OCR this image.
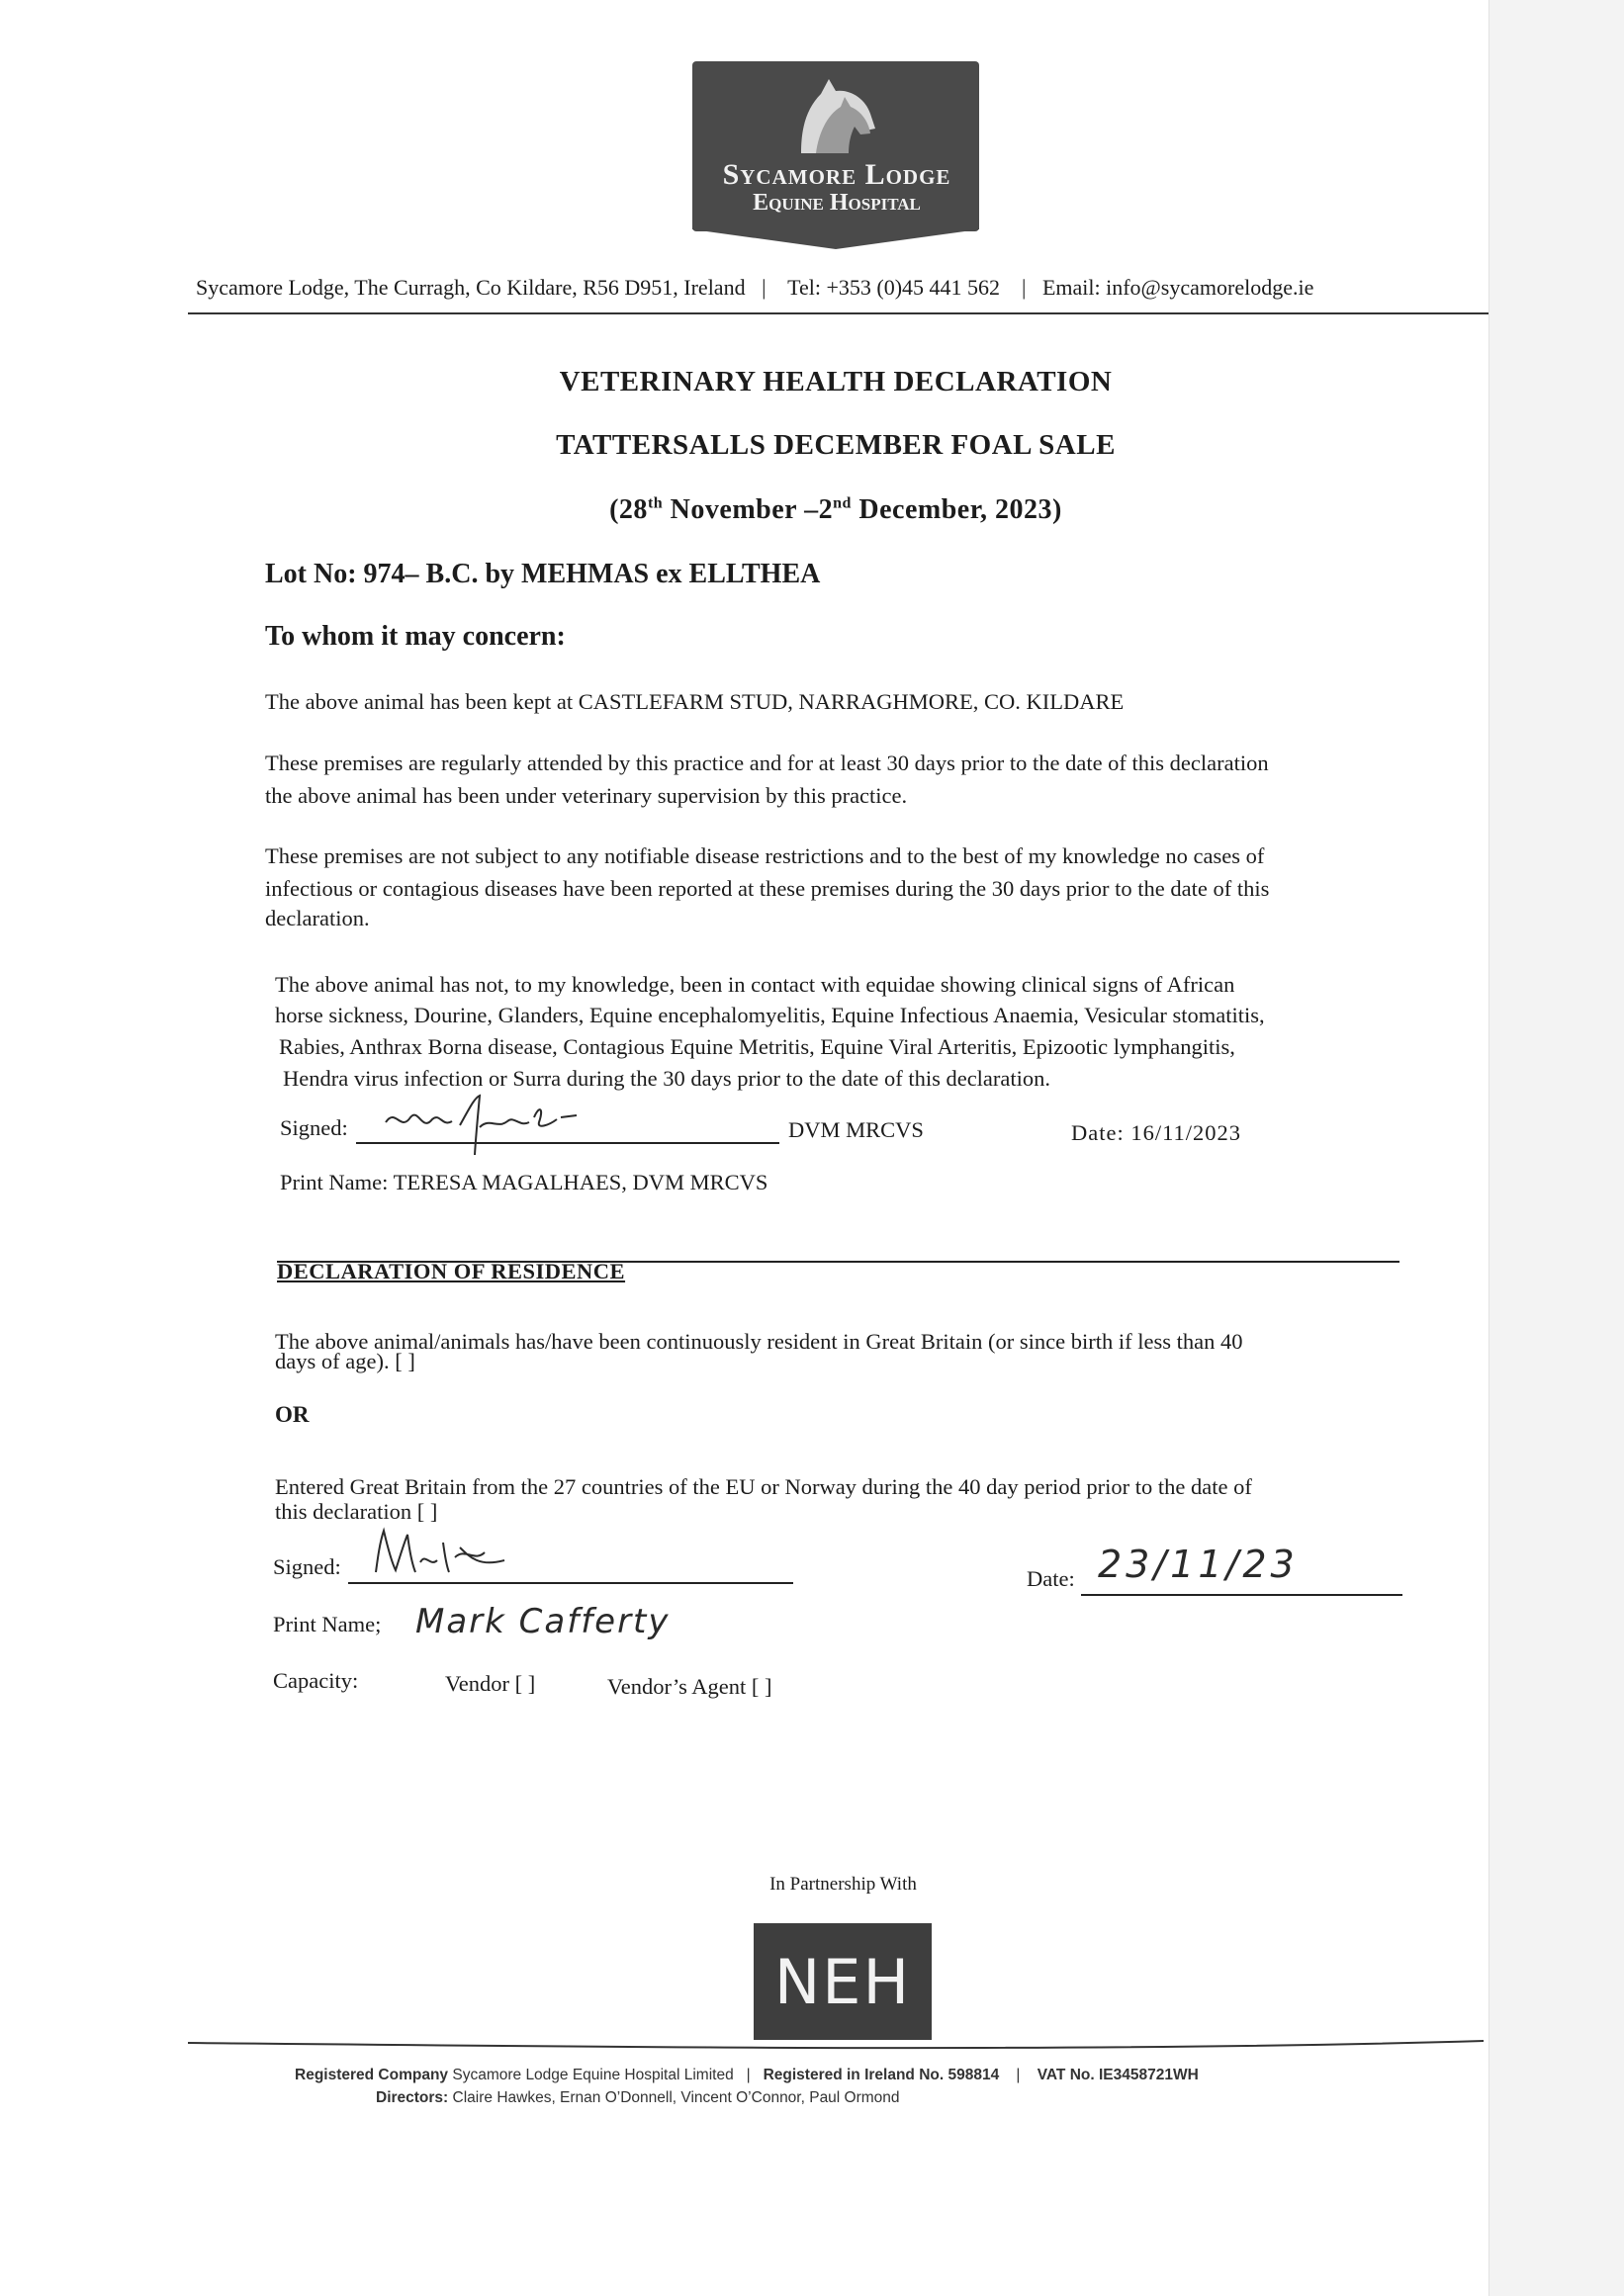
Sycamore Lodge
Equine Hospital
Sycamore Lodge, The Curragh, Co Kildare, R56 D951, Ireland   |    Tel: +353 (0)45 441 562    |   Email: info@sycamorelodge.ie
VETERINARY HEALTH DECLARATION
TATTERSALLS DECEMBER FOAL SALE
(28th November –2nd December, 2023)
Lot No: 974– B.C. by MEHMAS ex ELLTHEA
To whom it may concern:
The above animal has been kept at CASTLEFARM STUD, NARRAGHMORE, CO. KILDARE
These premises are regularly attended by this practice and for at least 30 days prior to the date of this declaration
the above animal has been under veterinary supervision by this practice.
These premises are not subject to any notifiable disease restrictions and to the best of my knowledge no cases of
infectious or contagious diseases have been reported at these premises during the 30 days prior to the date of this
declaration.
The above animal has not, to my knowledge, been in contact with equidae showing clinical signs of African
horse sickness, Dourine, Glanders, Equine encephalomyelitis, Equine Infectious Anaemia, Vesicular stomatitis,
Rabies, Anthrax Borna disease, Contagious Equine Metritis, Equine Viral Arteritis, Epizootic lymphangitis,
Hendra virus infection or Surra during the 30 days prior to the date of this declaration.
Signed:	DVM MRCVS	Date: 16/11/2023
Print Name: TERESA MAGALHAES, DVM MRCVS
DECLARATION OF RESIDENCE
The above animal/animals has/have been continuously resident in Great Britain (or since birth if less than 40
days of age). [ ]
OR
Entered Great Britain from the 27 countries of the EU or Norway during the 40 day period prior to the date of
this declaration [ ]
Signed:	Date: 23/11/23
Print Name; Mark Cafferty
Capacity:	Vendor [ ]	Vendor’s Agent [ ]
In Partnership With
NEH
Registered Company Sycamore Lodge Equine Hospital Limited   |   Registered in Ireland No. 598814    |    VAT No. IE3458721WH
Directors: Claire Hawkes, Ernan O’Donnell, Vincent O’Connor, Paul Ormond
